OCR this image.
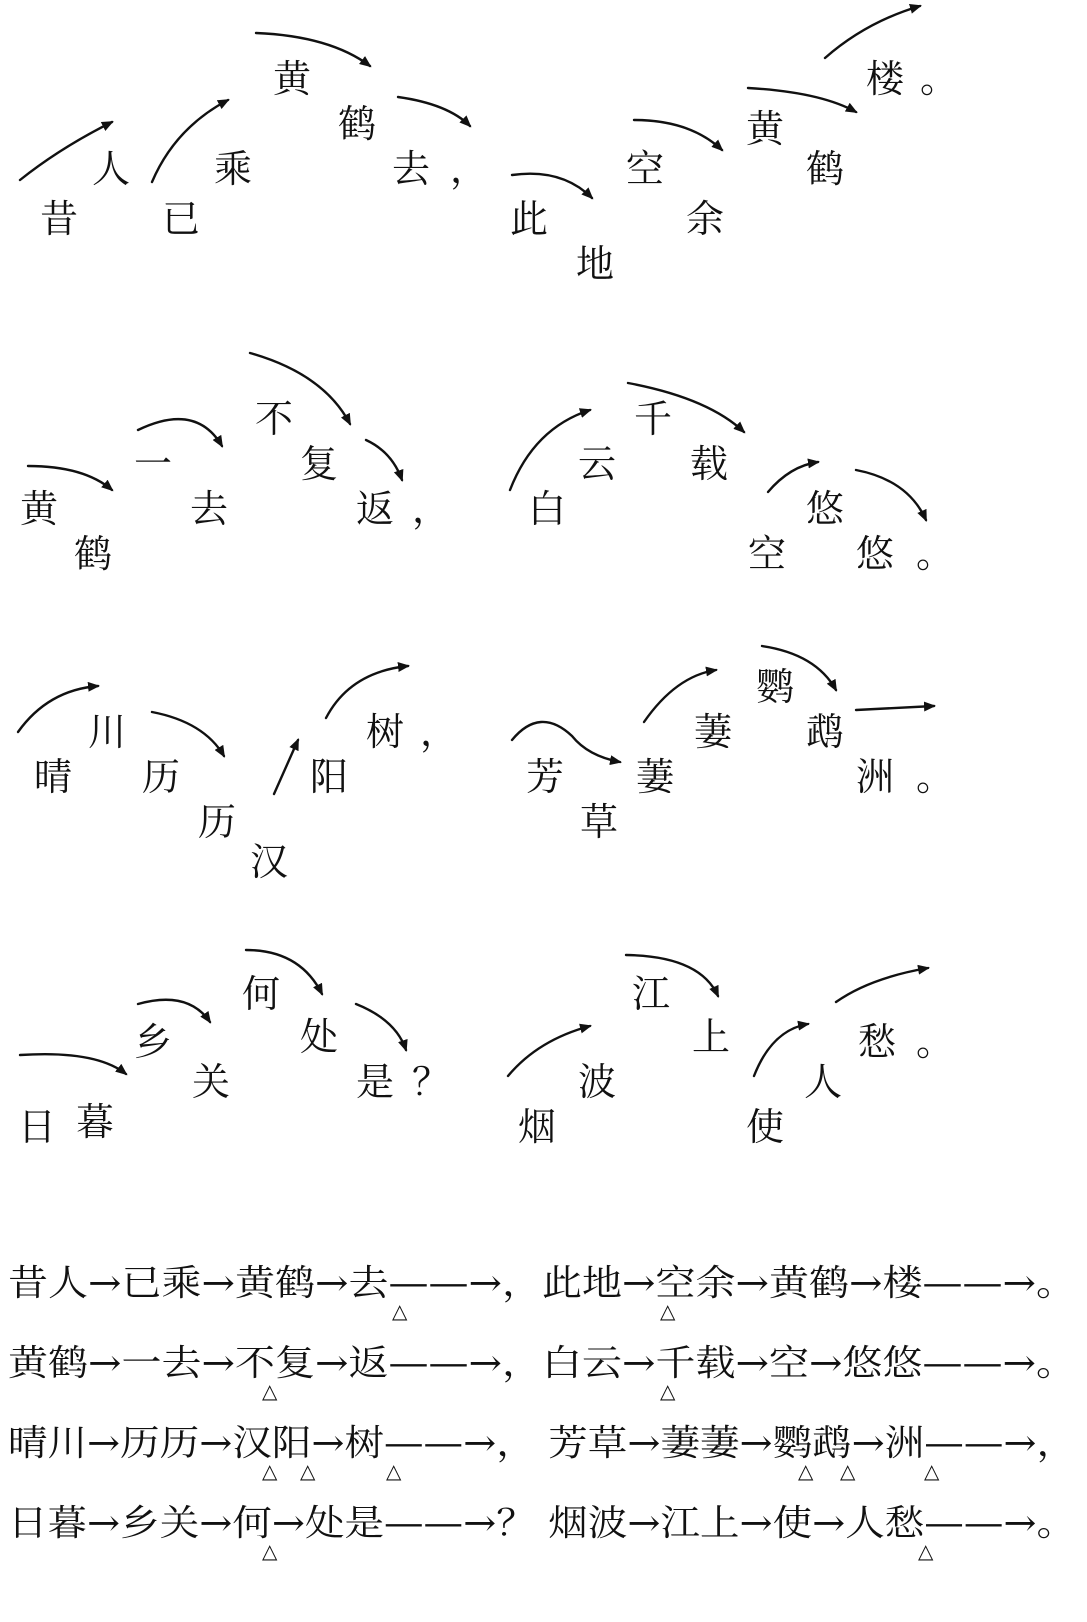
昔
人
已
乘
黄
鹤
去 ，
此
地
空
余
黄
鹤
楼 。
黄
鹤
一
去
不
复
返 ， 白
云
千
载
悠
空 悠 。
晴
川
历
历
汉
阳
树 ，
芳
草
萋
萋
鹦
鹉
洲 。
日 暮
乡
关
何
处
是 ？
烟
波
江
上
使
人
愁 。
昔人→已乘→黄鹤→去——→，此地→空余→黄鹤→楼——→。
△	△
黄鹤→一去→不复→返——→，白云→千载→空→悠悠——→。
△	△
晴川→历历→汉阳→树——→， 芳草→萋萋→鹦鹉→洲——→，
△ △	△	△ △	△
日暮→乡关→何→处是——→？ 烟波→江上→使→人愁——→。
△	△
